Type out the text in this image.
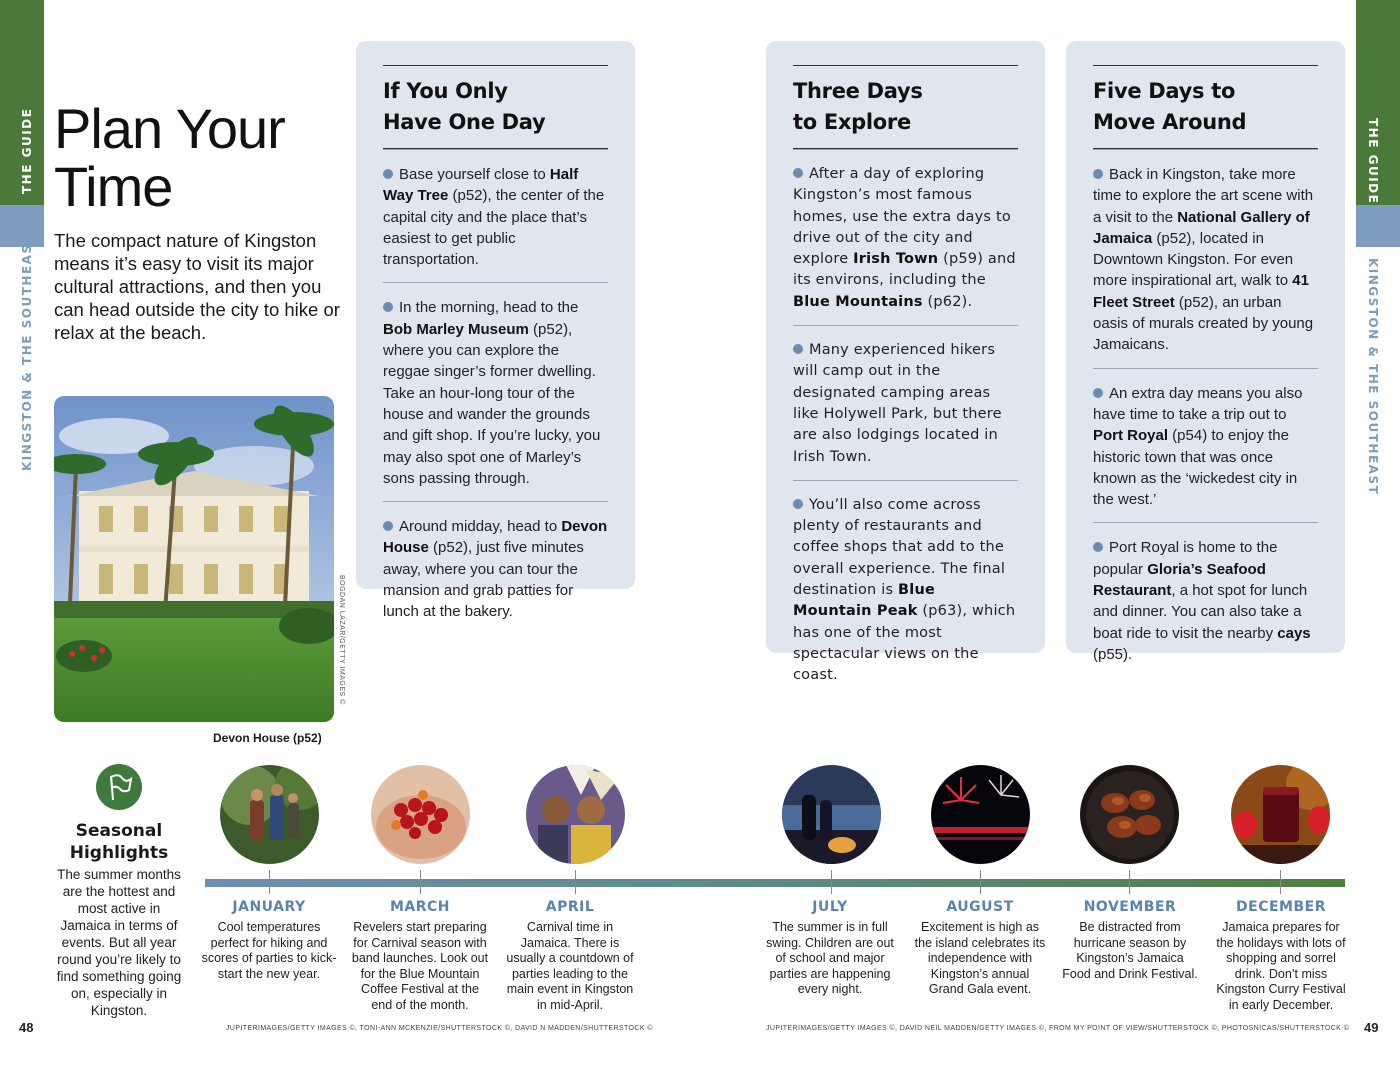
THE GUIDE
KINGSTON & THE SOUTHEAST
THE GUIDE
KINGSTON & THE SOUTHEAST
Plan Your
Time
The compact nature of Kingston means it’s easy to visit its major cultural attractions, and then you can head outside the city to hike or relax at the beach.
BOGDAN LAZAR/GETTY IMAGES ©
Devon House (p52)
If You Only
Have One Day
Base yourself close to Half Way Tree (p52), the center of the capital city and the place that’s easiest to get public transportation.
In the morning, head to the Bob Marley Museum (p52), where you can explore the reggae singer’s former dwelling. Take an hour-long tour of the house and wander the grounds and gift shop. If you’re lucky, you may also spot one of Marley’s sons passing through.
Around midday, head to Devon House (p52), just five minutes away, where you can tour the mansion and grab patties for lunch at the bakery.
Three Days
to Explore
After a day of exploring Kingston’s most famous homes, use the extra days to drive out of the city and explore Irish Town (p59) and its environs, including the Blue Mountains (p62).
Many experienced hikers will camp out in the designated camping areas like Holywell Park, but there are also lodgings located in Irish Town.
You’ll also come across plenty of restaurants and coffee shops that add to the overall experience. The final destination is Blue Mountain Peak (p63), which has one of the most spectacular views on the coast.
Five Days to
Move Around
Back in Kingston, take more time to explore the art scene with a visit to the National Gallery of Jamaica (p52), located in Downtown Kingston. For even more inspirational art, walk to 41 Fleet Street (p52), an urban oasis of murals created by young Jamaicans.
An extra day means you also have time to take a trip out to Port Royal (p54) to enjoy the historic town that was once known as the ‘wickedest city in the west.’
Port Royal is home to the popular Gloria’s Seafood Restaurant, a hot spot for lunch and dinner. You can also take a boat ride to visit the nearby cays (p55).
Seasonal
Highlights
The summer months are the hottest and most active in Jamaica in terms of events. But all year round you’re likely to find something going on, especially in Kingston.
JANUARY	MARCH	APRIL	JULY	AUGUST	NOVEMBER	DECEMBER
Cool temperatures perfect for hiking and scores of parties to kick-start the new year.
Revelers start preparing for Carnival season with band launches. Look out for the Blue Mountain Coffee Festival at the end of the month.
Carnival time in Jamaica. There is usually a countdown of parties leading to the main event in Kingston in mid-April.
The summer is in full swing. Children are out of school and major parties are happening every night.
Excitement is high as the island celebrates its independence with Kingston’s annual Grand Gala event.
Be distracted from hurricane season by Kingston’s Jamaica Food and Drink Festival.
Jamaica prepares for the holidays with lots of shopping and sorrel drink. Don’t miss Kingston Curry Festival in early December.
48	49
JUPITERIMAGES/GETTY IMAGES ©, TONI-ANN MCKENZIE/SHUTTERSTOCK ©, DAVID N MADDEN/SHUTTERSTOCK ©	JUPITERIMAGES/GETTY IMAGES ©, DAVID NEIL MADDEN/GETTY IMAGES ©, FROM MY POINT OF VIEW/SHUTTERSTOCK ©, PHOTOSNICAS/SHUTTERSTOCK ©
